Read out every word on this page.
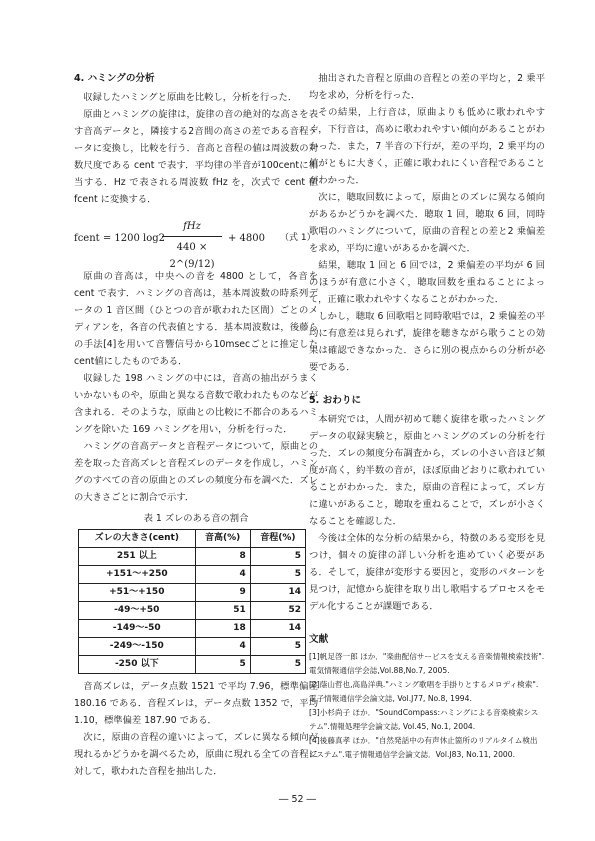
4. ハミングの分析

収録したハミングと原曲を比較し，分析を行った．

原曲とハミングの旋律は，旋律の音の絶対的な高さを表す音高データと，隣接する2音間の高さの差である音程データに変換し，比較を行う．音高と音程の値は周波数の対数尺度である cent で表す．平均律の半音が100centに相当する．Hz で表される周波数 fHz を，次式で cent 値 fcent に変換する．

fcent = 1200 log2
fHz
440 × 2^(9/12)
+ 4800 （式 1）

原曲の音高は，中央への音を 4800 として，各音を cent で表す．ハミングの音高は，基本周波数の時系列データの 1 音区間（ひとつの音が歌われた区間）ごとのメディアンを，各音の代表値とする．基本周波数は，後藤らの手法[4]を用いて音響信号から10msecごとに推定したcent値にしたものである．

収録した 198 ハミングの中には，音高の抽出がうまくいかないものや，原曲と異なる音数で歌われたものなどが含まれる．そのような，原曲との比較に不都合のあるハミングを除いた 169 ハミングを用い，分析を行った．

ハミングの音高データと音程データについて，原曲との差を取った音高ズレと音程ズレのデータを作成し，ハミングのすべての音の原曲とのズレの頻度分布を調べた．ズレの大きさごとに割合で示す．

表 1 ズレのある音の割合

ズレの大きさ(cent)	音高(%)	音程(%)
251 以上	8	5
+151〜+250	4	5
+51〜+150	9	14
-49〜+50	51	52
-149〜-50	18	14
-249〜-150	4	5
-250 以下	5	5

音高ズレは，データ点数 1521 で平均 7.96，標準偏差 180.16 である．音程ズレは，データ点数 1352 で，平均 1.10，標準偏差 187.90 である．

次に，原曲の音程の違いによって，ズレに異なる傾向が現れるかどうかを調べるため，原曲に現れる全ての音程に対して，歌われた音程を抽出した．

抽出された音程と原曲の音程との差の平均と，2 乗平均を求め，分析を行った．

その結果，上行音は，原曲よりも低めに歌われやすく，下行音は，高めに歌われやすい傾向があることがわかった．また，7 半音の下行が，差の平均，2 乗平均の値がともに大きく，正確に歌われにくい音程であることがわかった．

次に，聴取回数によって，原曲とのズレに異なる傾向があるかどうかを調べた．聴取 1 回，聴取 6 回，同時歌唱のハミングについて，原曲の音程との差と2 乗偏差を求め，平均に違いがあるかを調べた．

結果，聴取 1 回と 6 回では，2 乗偏差の平均が 6 回のほうが有意に小さく，聴取回数を重ねることによって，正確に歌われやすくなることがわかった．

しかし，聴取 6 回歌唱と同時歌唱では，2 乗偏差の平均に有意差は見られず，旋律を聴きながら歌うことの効果は確認できなかった．さらに別の視点からの分析が必要である．

5. おわりに

本研究では，人間が初めて聴く旋律を歌ったハミングデータの収録実験と，原曲とハミングのズレの分析を行った．ズレの頻度分布調査から，ズレの小さい音ほど頻度が高く，約半数の音が，ほぼ原曲どおりに歌われていることがわかった．また，原曲の音程によって，ズレ方に違いがあること，聴取を重ねることで，ズレが小さくなることを確認した．

今後は全体的な分析の結果から，特徴のある変形を見つけ，個々の旋律の詳しい分析を進めていく必要がある．そして，旋律が変形する要因と，変形のパターンを見つけ，記憶から旋律を取り出し歌唱するプロセスをモデル化することが課題である．

文献

[1]帆足啓一郎 ほか．"楽曲配信サービスを支える音楽情報検索技術".電気情報通信学会誌,Vol.88,No.7, 2005.

[2]蔭山哲也,高島洋典."ハミング歌唱を手掛りとするメロディ検索".電子情報通信学会論文誌, Vol.J77, No.8, 1994.

[3]小杉尚子 ほか．"SoundCompass:ハミングによる音楽検索システム".情報処理学会論文誌, Vol.45, No.1, 2004.

[4]後藤真孝 ほか．"自然発話中の有声休止箇所のリアルタイム検出システム".電子情報通信学会論文誌．Vol.J83, No.11, 2000.

― 52 ―
